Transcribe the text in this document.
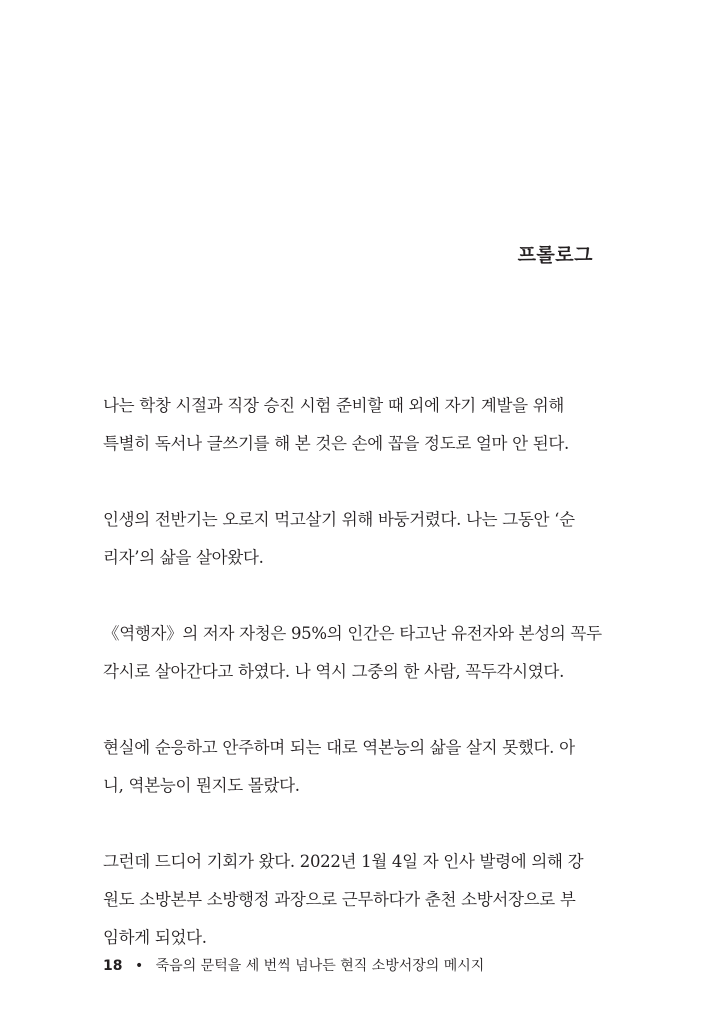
프롤로그
나는 학창 시절과 직장 승진 시험 준비할 때 외에 자기 계발을 위해
특별히 독서나 글쓰기를 해 본 것은 손에 꼽을 정도로 얼마 안 된다.
인생의 전반기는 오로지 먹고살기 위해 바둥거렸다. 나는 그동안 ‘순
리자’의 삶을 살아왔다.
《역행자》의 저자 자청은 95%의 인간은 타고난 유전자와 본성의 꼭두
각시로 살아간다고 하였다. 나 역시 그중의 한 사람, 꼭두각시였다.
현실에 순응하고 안주하며 되는 대로 역본능의 삶을 살지 못했다. 아
니, 역본능이 뭔지도 몰랐다.
그런데 드디어 기회가 왔다. 2022년 1월 4일 자 인사 발령에 의해 강
원도 소방본부 소방행정 과장으로 근무하다가 춘천 소방서장으로 부
임하게 되었다.
18 • 죽음의 문턱을 세 번씩 넘나든 현직 소방서장의 메시지
